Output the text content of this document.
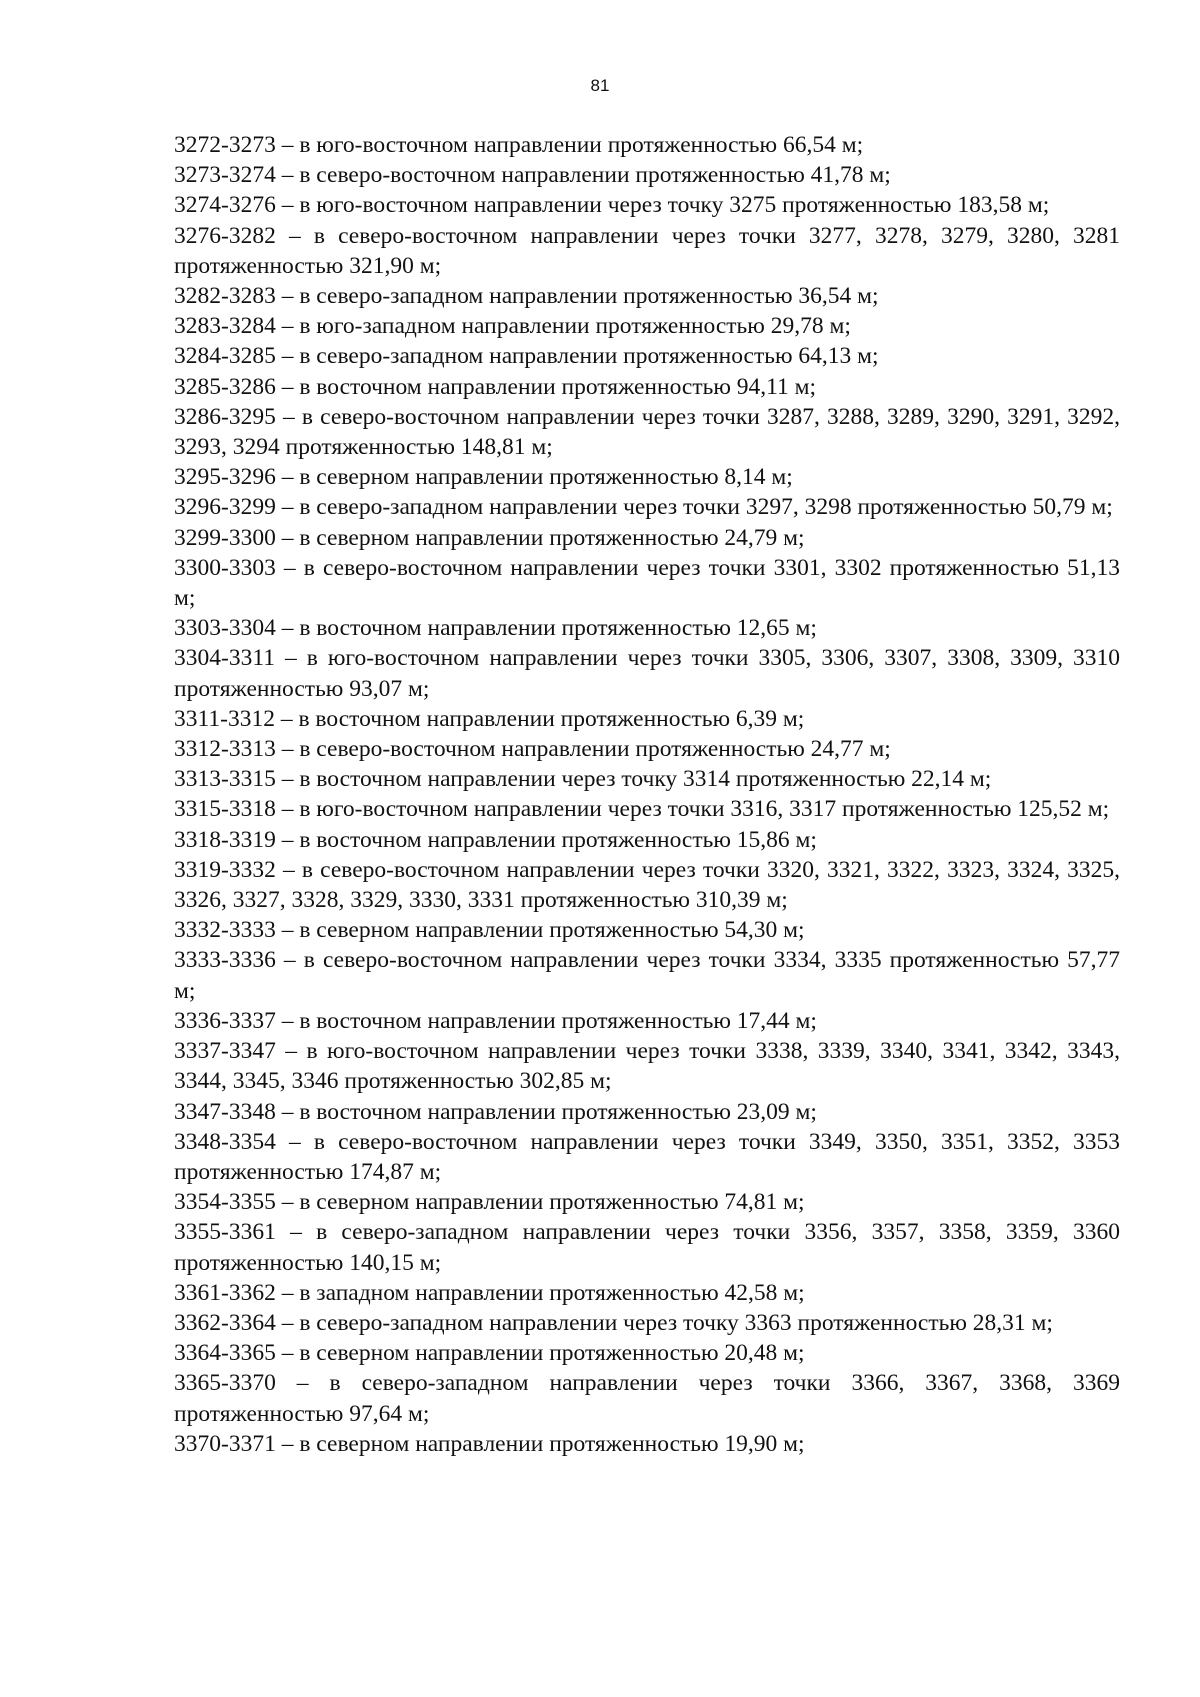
81

3272-3273 – в юго-восточном направлении протяженностью 66,54 м;

3273-3274 – в северо-восточном направлении протяженностью 41,78 м;

3274-3276 – в юго-восточном направлении через точку 3275 протяженностью 183,58 м;

3276-3282 – в северо-восточном направлении через точки 3277, 3278, 3279, 3280, 3281 протяженностью 321,90 м;

3282-3283 – в северо-западном направлении протяженностью 36,54 м;

3283-3284 – в юго-западном направлении протяженностью 29,78 м;

3284-3285 – в северо-западном направлении протяженностью 64,13 м;

3285-3286 – в восточном направлении протяженностью 94,11 м;

3286-3295 – в северо-восточном направлении через точки 3287, 3288, 3289, 3290, 3291, 3292, 3293, 3294 протяженностью 148,81 м;

3295-3296 – в северном направлении протяженностью 8,14 м;

3296-3299 – в северо-западном направлении через точки 3297, 3298 протяженностью 50,79 м;

3299-3300 – в северном направлении протяженностью 24,79 м;

3300-3303 – в северо-восточном направлении через точки 3301, 3302 протяженностью 51,13 м;

3303-3304 – в восточном направлении протяженностью 12,65 м;

3304-3311 – в юго-восточном направлении через точки 3305, 3306, 3307, 3308, 3309, 3310 протяженностью 93,07 м;

3311-3312 – в восточном направлении протяженностью 6,39 м;

3312-3313 – в северо-восточном направлении протяженностью 24,77 м;

3313-3315 – в восточном направлении через точку 3314 протяженностью 22,14 м;

3315-3318 – в юго-восточном направлении через точки 3316, 3317 протяженностью 125,52 м;

3318-3319 – в восточном направлении протяженностью 15,86 м;

3319-3332 – в северо-восточном направлении через точки 3320, 3321, 3322, 3323, 3324, 3325, 3326, 3327, 3328, 3329, 3330, 3331 протяженностью 310,39 м;

3332-3333 – в северном направлении протяженностью 54,30 м;

3333-3336 – в северо-восточном направлении через точки 3334, 3335 протяженностью 57,77 м;

3336-3337 – в восточном направлении протяженностью 17,44 м;

3337-3347 – в юго-восточном направлении через точки 3338, 3339, 3340, 3341, 3342, 3343, 3344, 3345, 3346 протяженностью 302,85 м;

3347-3348 – в восточном направлении протяженностью 23,09 м;

3348-3354 – в северо-восточном направлении через точки 3349, 3350, 3351, 3352, 3353 протяженностью 174,87 м;

3354-3355 – в северном направлении протяженностью 74,81 м;

3355-3361 – в северо-западном направлении через точки 3356, 3357, 3358, 3359, 3360 протяженностью 140,15 м;

3361-3362 – в западном направлении протяженностью 42,58 м;

3362-3364 – в северо-западном направлении через точку 3363 протяженностью 28,31 м;

3364-3365 – в северном направлении протяженностью 20,48 м;

3365-3370 – в северо-западном направлении через точки 3366, 3367, 3368, 3369 протяженностью 97,64 м;

3370-3371 – в северном направлении протяженностью 19,90 м;
